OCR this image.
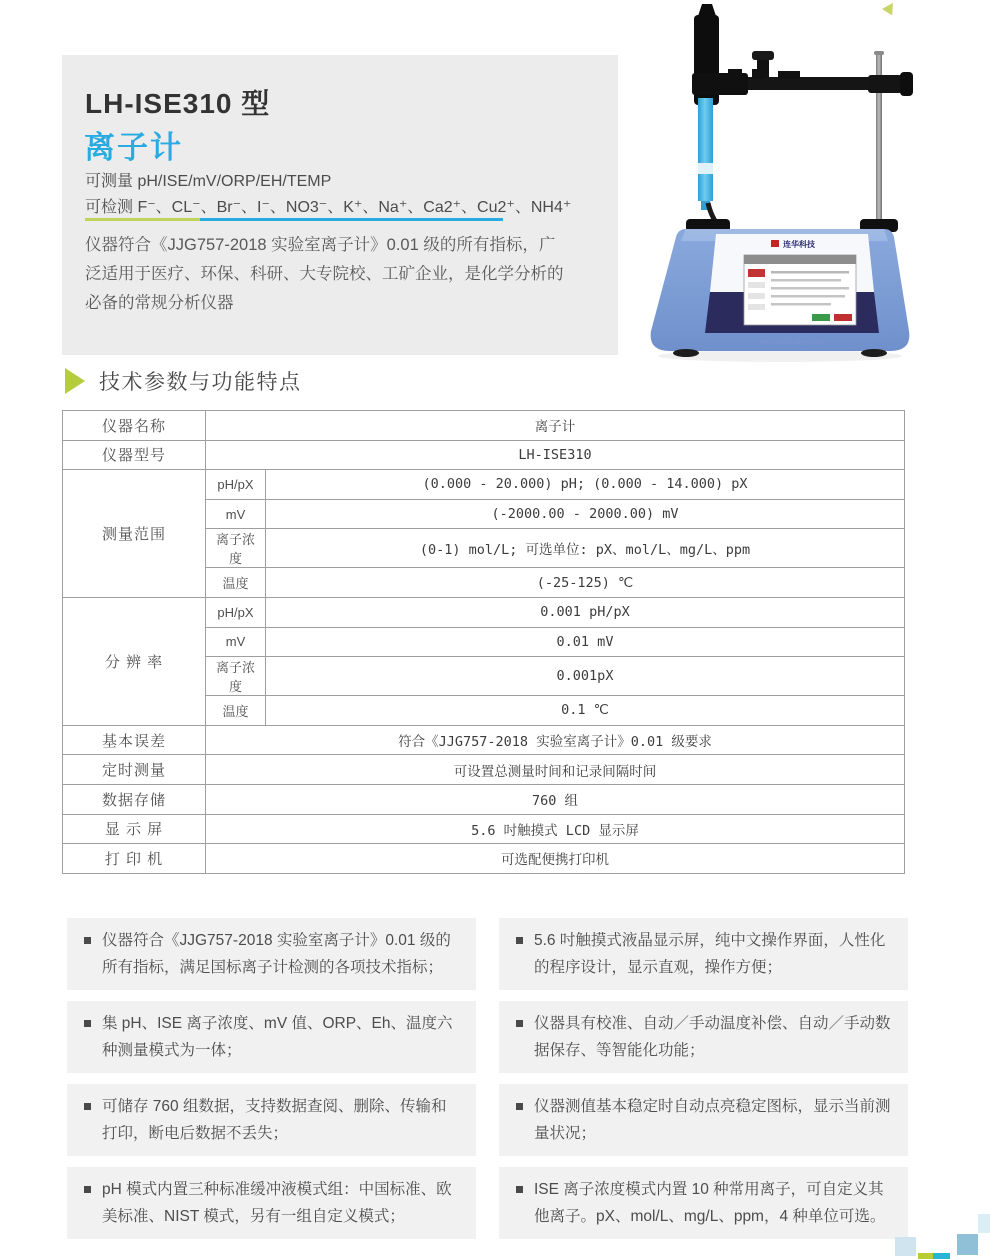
LH-ISE310 型
离子计
可测量 pH/ISE/mV/ORP/EH/TEMP
可检测 F⁻、CL⁻、Br⁻、I⁻、NO3⁻、K⁺、Na⁺、Ca2⁺、Cu2⁺、NH4⁺
仪器符合《JJG757-2018 实验室离子计》0.01 级的所有指标，广泛适用于医疗、环保、科研、大专院校、工矿企业，是化学分析的必备的常规分析仪器
连华科技
www.lianhuakeji.com
技术参数与功能特点
仪器名称	离子计	
仪器型号	LH-ISE310	
测量范围	pH/pX	(0.000 - 20.000) pH; (0.000 - 14.000) pX
	mV	(-2000.00 - 2000.00) mV
	离子浓度	(0-1) mol/L; 可选单位: pX、mol/L、mg/L、ppm
	温度	(-25-125) ℃
分 辨 率	pH/pX	0.001 pH/pX
	mV	0.01 mV
	离子浓度	0.001pX
	温度	0.1 ℃
基本误差	符合《JJG757-2018 实验室离子计》0.01 级要求	
定时测量	可设置总测量时间和记录间隔时间	
数据存储	760 组	
显 示 屏	5.6 吋触摸式 LCD 显示屏	
打 印 机	可选配便携打印机	
仪器符合《JJG757-2018 实验室离子计》0.01 级的所有指标，满足国标离子计检测的各项技术指标；
集 pH、ISE 离子浓度、mV 值、ORP、Eh、温度六种测量模式为一体；
可储存 760 组数据，支持数据查阅、删除、传输和打印，断电后数据不丢失；
pH 模式内置三种标准缓冲液模式组：中国标准、欧美标准、NIST 模式，另有一组自定义模式；
5.6 吋触摸式液晶显示屏，纯中文操作界面，人性化的程序设计，显示直观，操作方便；
仪器具有校准、自动／手动温度补偿、自动／手动数据保存、等智能化功能；
仪器测值基本稳定时自动点亮稳定图标，显示当前测量状况；
ISE 离子浓度模式内置 10 种常用离子，可自定义其他离子。pX、mol/L、mg/L、ppm，4 种单位可选。
